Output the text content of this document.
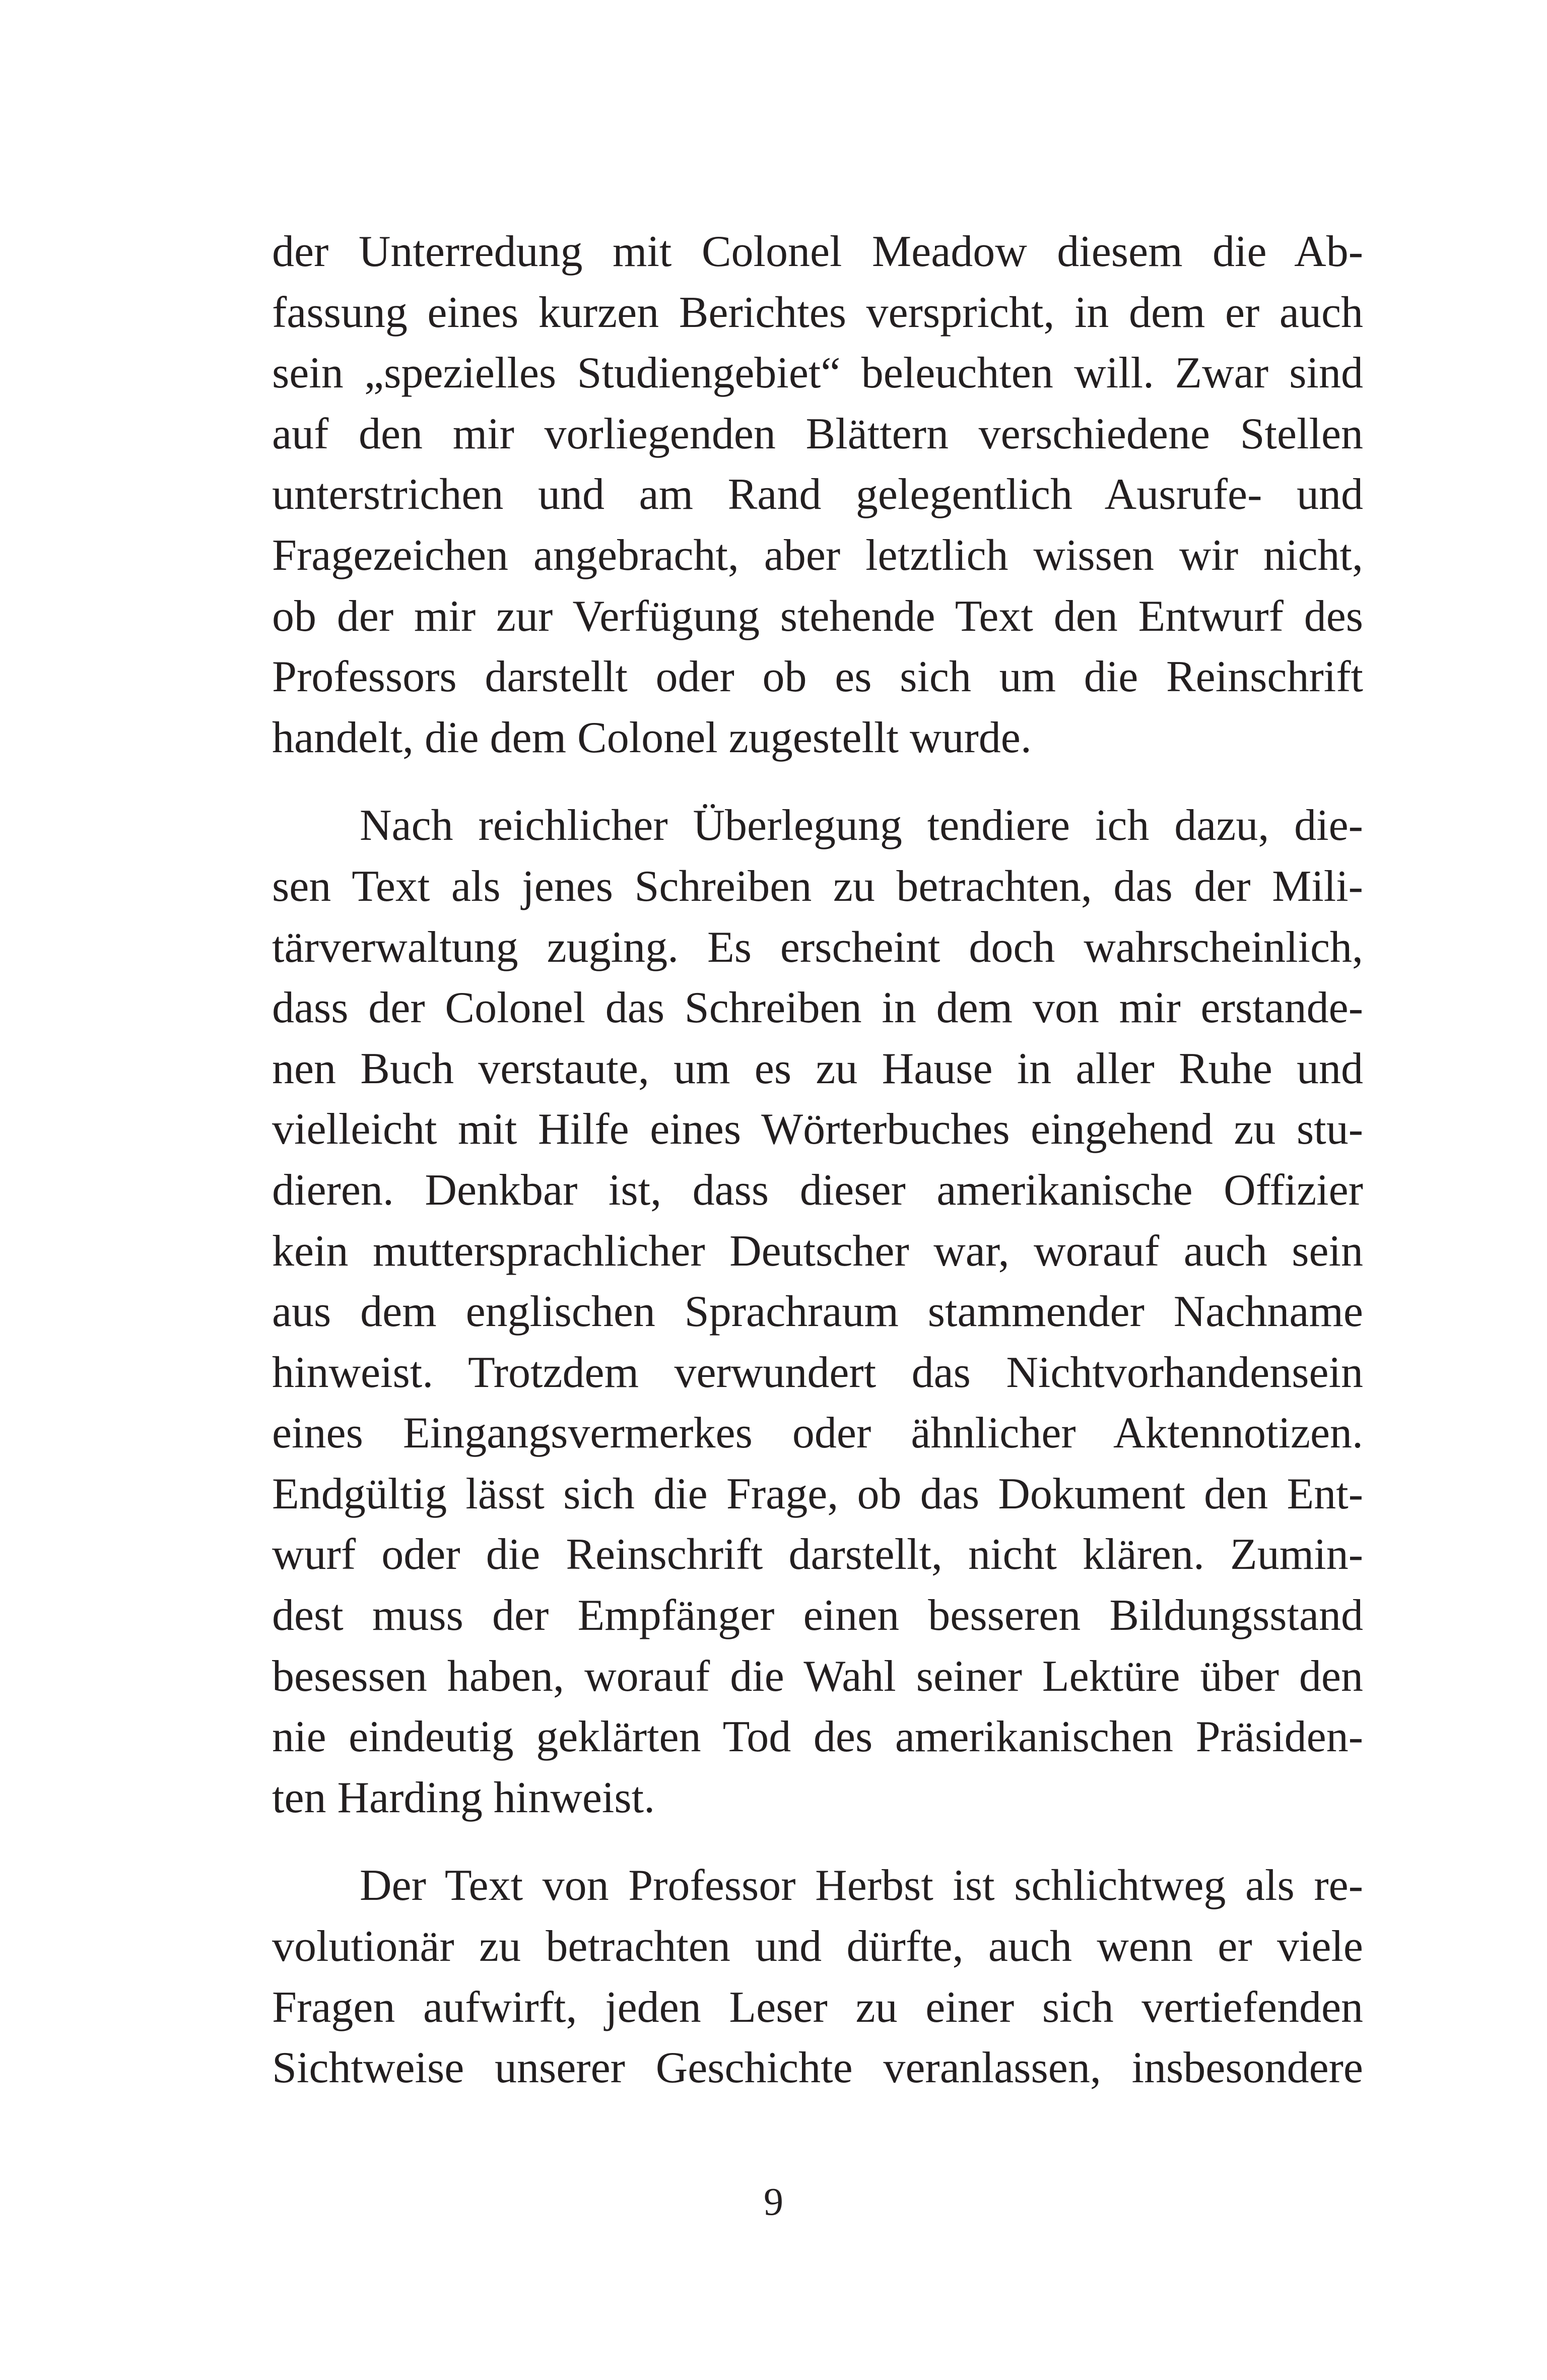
der Unterredung mit Colonel Meadow diesem die Ab-
fassung eines kurzen Berichtes verspricht, in dem er auch
sein „spezielles Studiengebiet“ beleuchten will. Zwar sind
auf den mir vorliegenden Blättern verschiedene Stellen
unterstrichen und am Rand gelegentlich Ausrufe- und
Fragezeichen angebracht, aber letztlich wissen wir nicht,
ob der mir zur Verfügung stehende Text den Entwurf des
Professors darstellt oder ob es sich um die Reinschrift
handelt, die dem Colonel zugestellt wurde.

Nach reichlicher Überlegung tendiere ich dazu, die-
sen Text als jenes Schreiben zu betrachten, das der Mili-
tärverwaltung zuging. Es erscheint doch wahrscheinlich,
dass der Colonel das Schreiben in dem von mir erstande-
nen Buch verstaute, um es zu Hause in aller Ruhe und
vielleicht mit Hilfe eines Wörterbuches eingehend zu stu-
dieren. Denkbar ist, dass dieser amerikanische Offizier
kein muttersprachlicher Deutscher war, worauf auch sein
aus dem englischen Sprachraum stammender Nachname
hinweist. Trotzdem verwundert das Nichtvorhandensein
eines Eingangsvermerkes oder ähnlicher Aktennotizen.
Endgültig lässt sich die Frage, ob das Dokument den Ent-
wurf oder die Reinschrift darstellt, nicht klären. Zumin-
dest muss der Empfänger einen besseren Bildungsstand
besessen haben, worauf die Wahl seiner Lektüre über den
nie eindeutig geklärten Tod des amerikanischen Präsiden-
ten Harding hinweist.

Der Text von Professor Herbst ist schlichtweg als re-
volutionär zu betrachten und dürfte, auch wenn er viele
Fragen aufwirft, jeden Leser zu einer sich vertiefenden
Sichtweise unserer Geschichte veranlassen, insbesondere

9
